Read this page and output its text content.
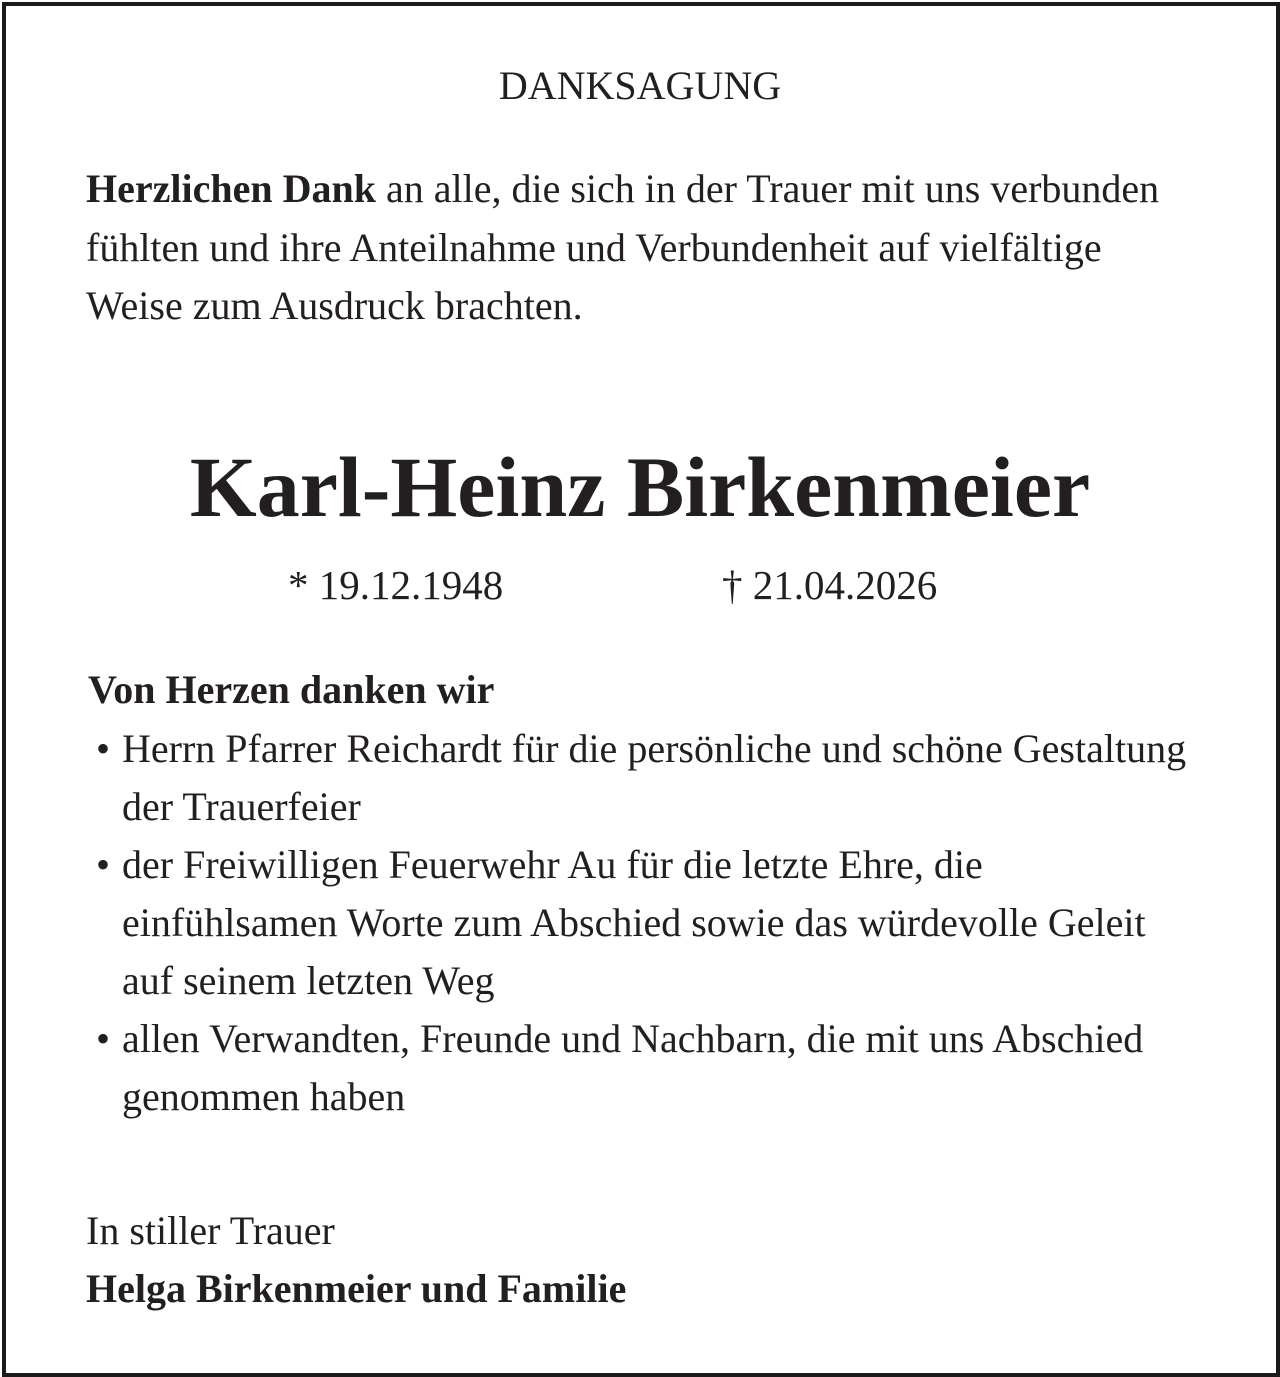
DANKSAGUNG
Herzlichen Dank an alle, die sich in der Trauer mit uns verbunden fühlten und ihre Anteilnahme und Verbundenheit auf vielfältige Weise zum Ausdruck brachten.
Karl-Heinz Birkenmeier
* 19.12.1948	† 21.04.2026
Von Herzen danken wir
• Herrn Pfarrer Reichardt für die persönliche und schöne Gestaltung der Trauerfeier
• der Freiwilligen Feuerwehr Au für die letzte Ehre, die einfühlsamen Worte zum Abschied sowie das würdevolle Geleit auf seinem letzten Weg
• allen Verwandten, Freunde und Nachbarn, die mit uns Abschied genommen haben
In stiller Trauer
Helga Birkenmeier und Familie
